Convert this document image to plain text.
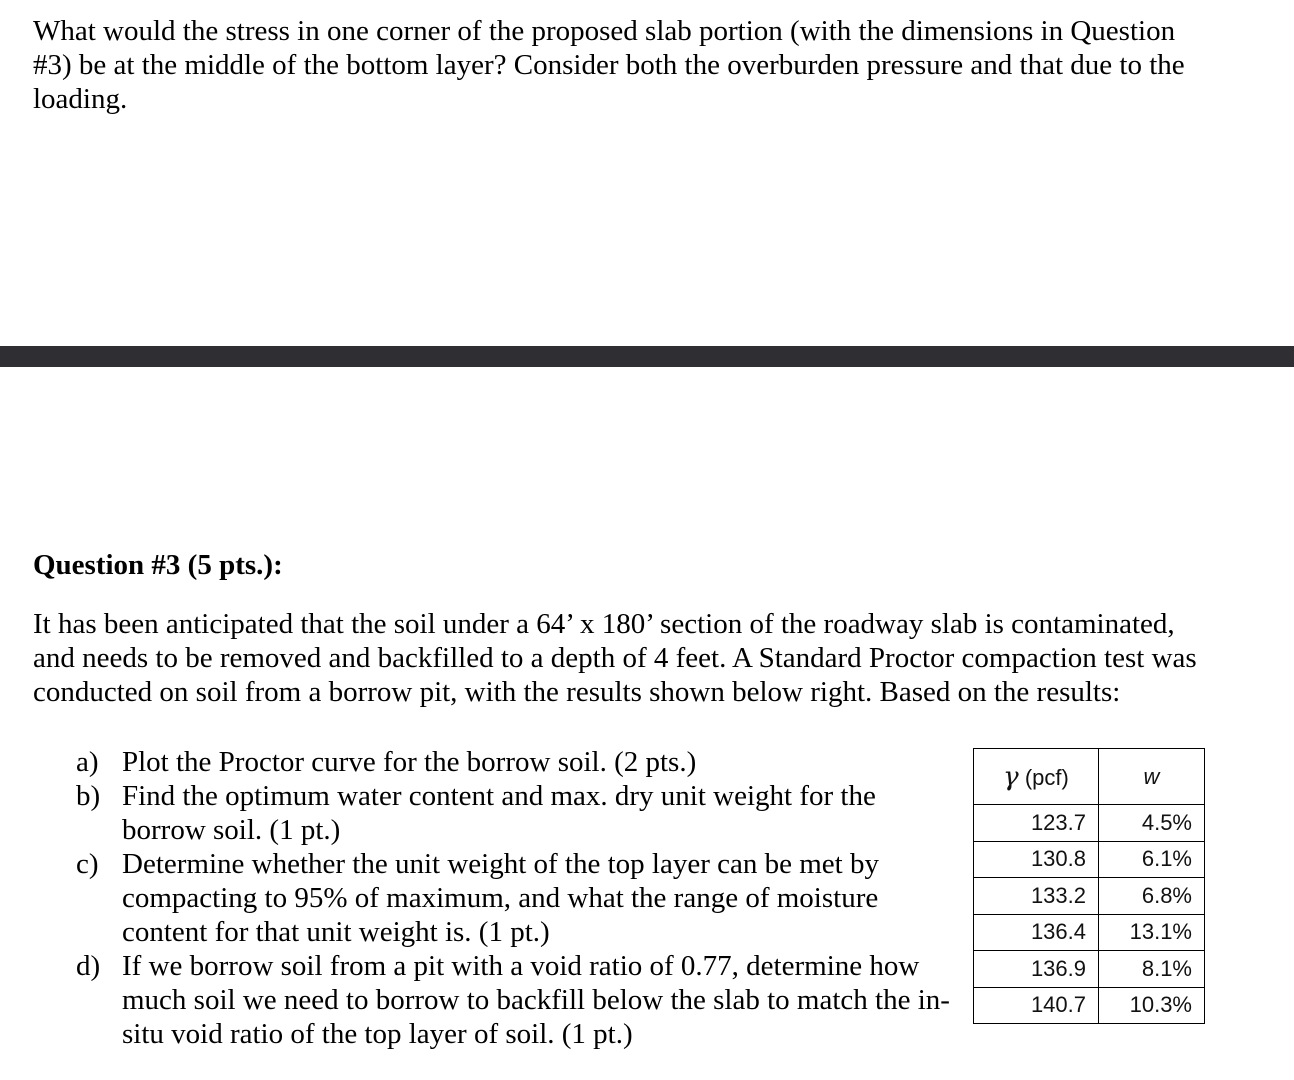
What would the stress in one corner of the proposed slab portion (with the dimensions in Question #3) be at the middle of the bottom layer? Consider both the overburden pressure and that due to the loading.

Question #3 (5 pts.):

It has been anticipated that the soil under a 64’ x 180’ section of the roadway slab is contaminated, and needs to be removed and backfilled to a depth of 4 feet. A Standard Proctor compaction test was conducted on soil from a borrow pit, with the results shown below right. Based on the results:

a) Plot the Proctor curve for the borrow soil. (2 pts.)
b) Find the optimum water content and max. dry unit weight for the borrow soil. (1 pt.)
c) Determine whether the unit weight of the top layer can be met by compacting to 95% of maximum, and what the range of moisture content for that unit weight is. (1 pt.)
d) If we borrow soil from a pit with a void ratio of 0.77, determine how much soil we need to borrow to backfill below the slab to match the in-situ void ratio of the top layer of soil. (1 pt.)
γ (pcf)	w
123.7	4.5%
130.8	6.1%
133.2	6.8%
136.4	13.1%
136.9	8.1%
140.7	10.3%
